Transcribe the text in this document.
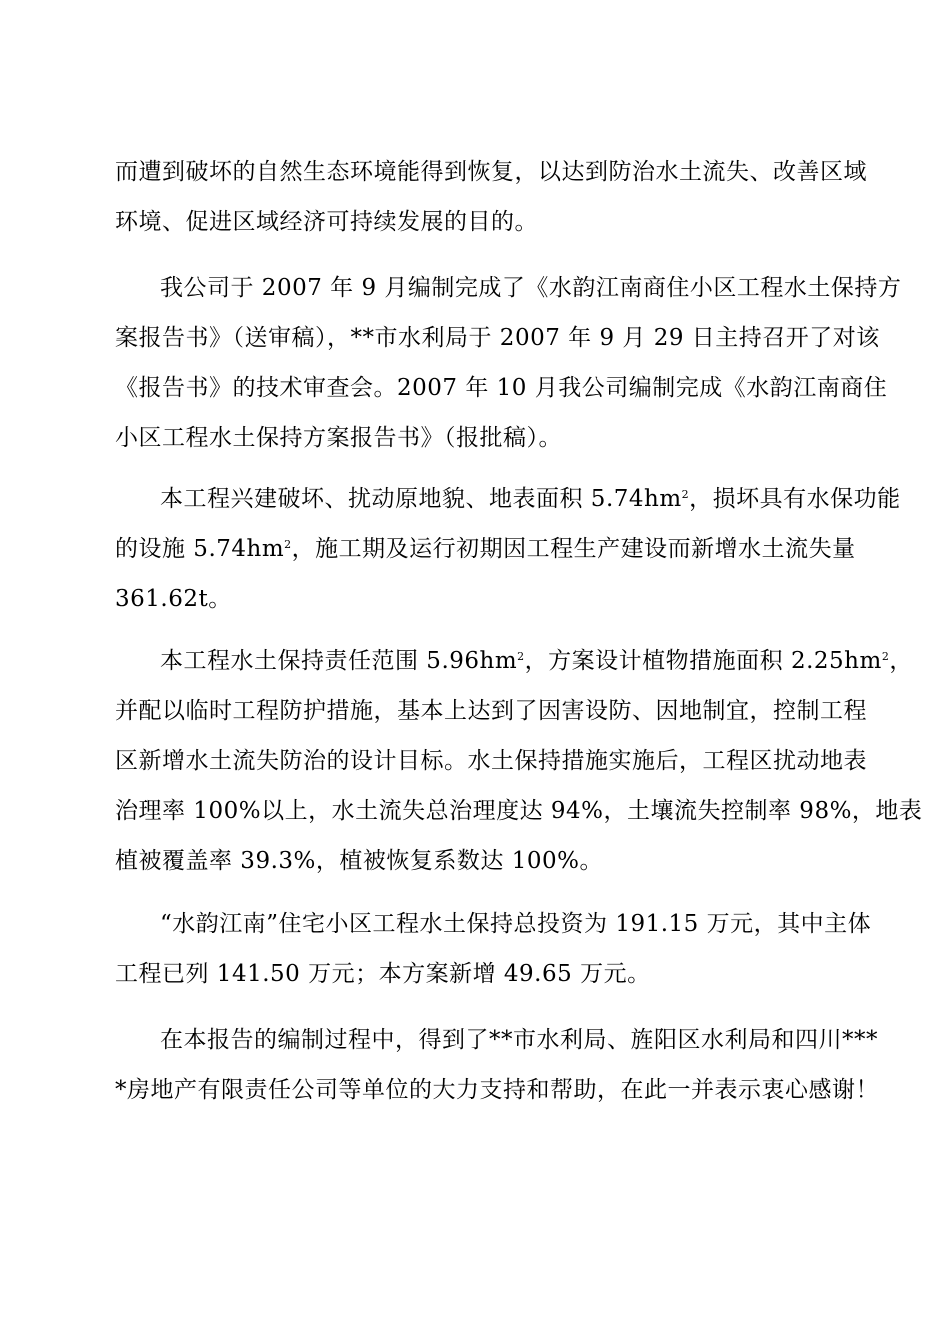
而遭到破坏的自然生态环境能得到恢复，以达到防治水土流失、改善区域
环境、促进区域经济可持续发展的目的。
我公司于 2007 年 9 月编制完成了《水韵江南商住小区工程水土保持方
案报告书》（送审稿），**市水利局于 2007 年 9 月 29 日主持召开了对该
《报告书》的技术审查会。2007 年 10 月我公司编制完成《水韵江南商住
小区工程水土保持方案报告书》（报批稿）。
本工程兴建破坏、扰动原地貌、地表面积 $5.74hm^2$，损坏具有水保功能
的设施 $5.74hm^2$，施工期及运行初期因工程生产建设而新增水土流失量
361.62t。
本工程水土保持责任范围 $5.96hm^2$，方案设计植物措施面积 $2.25hm^2$，
并配以临时工程防护措施，基本上达到了因害设防、因地制宜，控制工程
区新增水土流失防治的设计目标。水土保持措施实施后，工程区扰动地表
治理率 100%以上，水土流失总治理度达 94%，土壤流失控制率 98%，地表
植被覆盖率 39.3%，植被恢复系数达 100%。
“水韵江南”住宅小区工程水土保持总投资为 191.15 万元，其中主体
工程已列 141.50 万元；本方案新增 49.65 万元。
在本报告的编制过程中，得到了**市水利局、旌阳区水利局和四川***
*房地产有限责任公司等单位的大力支持和帮助，在此一并表示衷心感谢！
